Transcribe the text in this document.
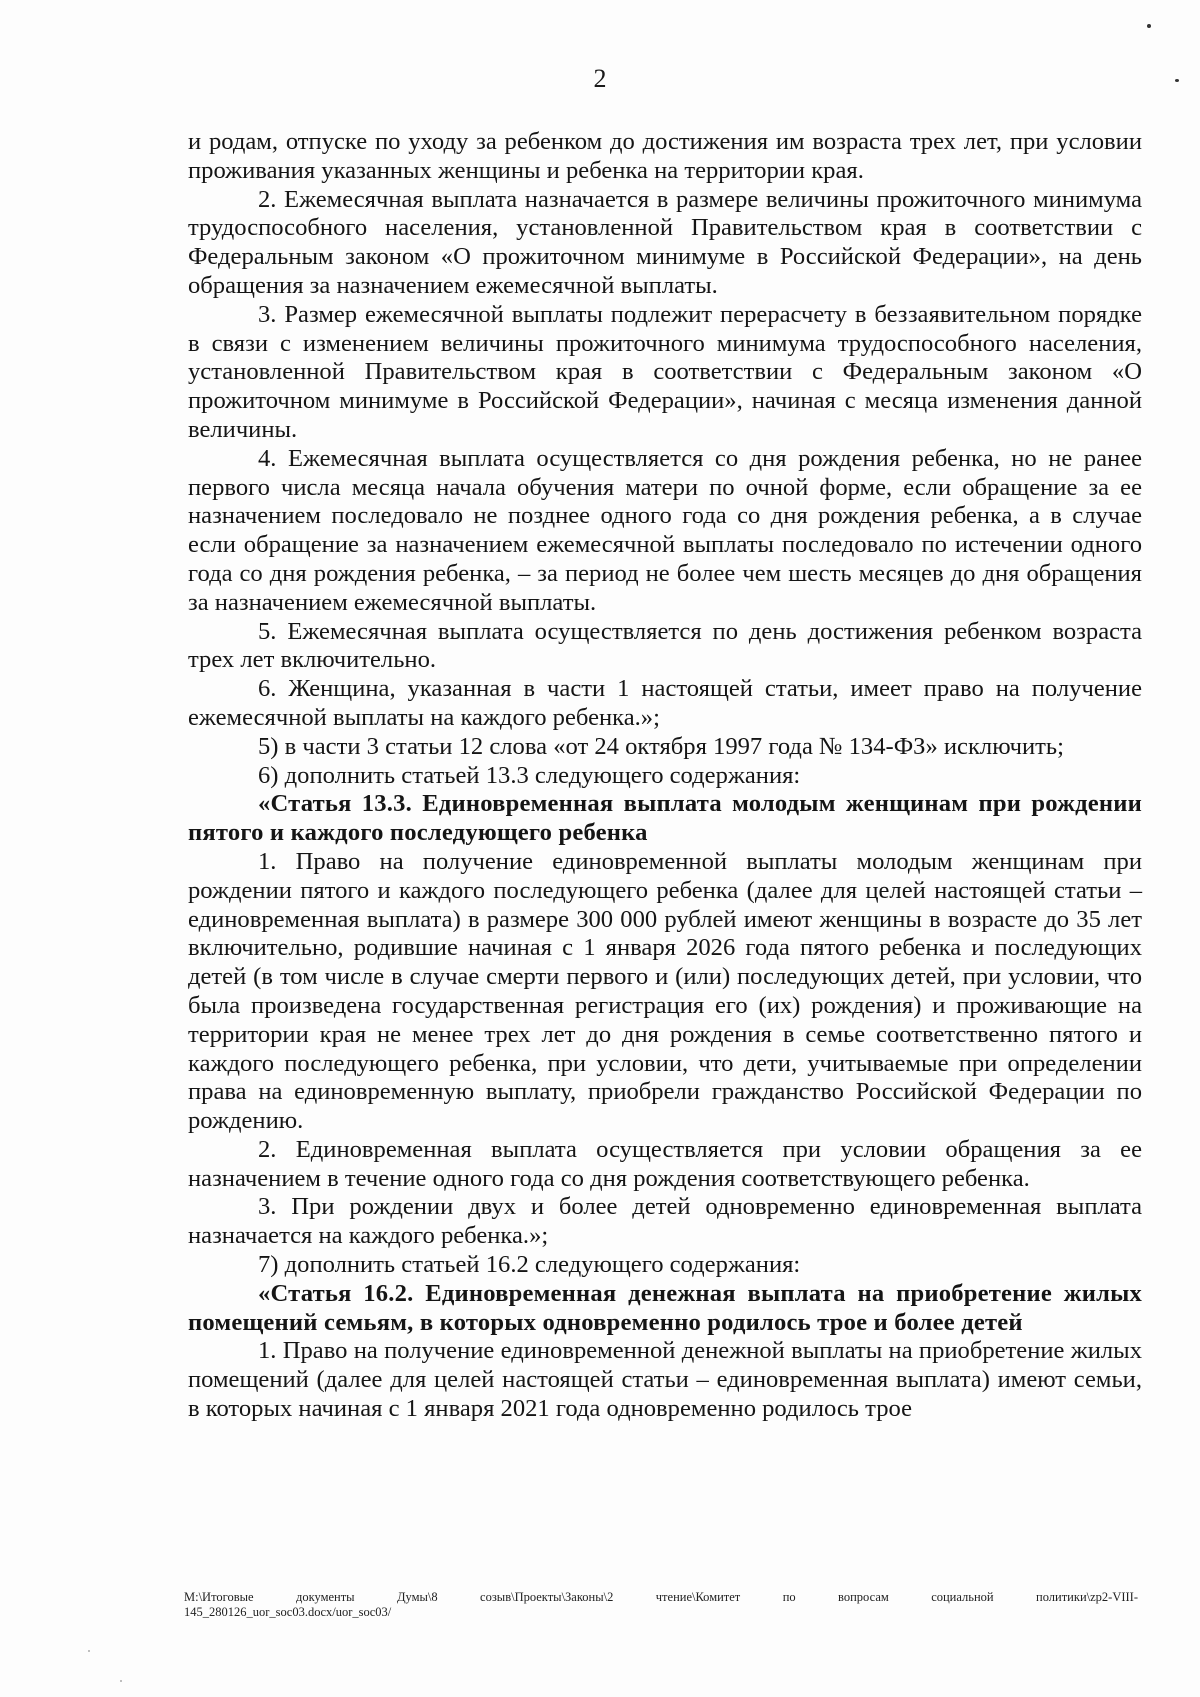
2

и родам, отпуске по уходу за ребенком до достижения им возраста трех лет, при условии проживания указанных женщины и ребенка на территории края.

2. Ежемесячная выплата назначается в размере величины прожиточного минимума трудоспособного населения, установленной Правительством края в соответствии с Федеральным законом «О прожиточном минимуме в Российской Федерации», на день обращения за назначением ежемесячной выплаты.

3. Размер ежемесячной выплаты подлежит перерасчету в беззаявительном порядке в связи с изменением величины прожиточного минимума трудоспособного населения, установленной Правительством края в соответствии с Федеральным законом «О прожиточном минимуме в Российской Федерации», начиная с месяца изменения данной величины.

4. Ежемесячная выплата осуществляется со дня рождения ребенка, но не ранее первого числа месяца начала обучения матери по очной форме, если обращение за ее назначением последовало не позднее одного года со дня рождения ребенка, а в случае если обращение за назначением ежемесячной выплаты последовало по истечении одного года со дня рождения ребенка, – за период не более чем шесть месяцев до дня обращения за назначением ежемесячной выплаты.

5. Ежемесячная выплата осуществляется по день достижения ребенком возраста трех лет включительно.

6. Женщина, указанная в части 1 настоящей статьи, имеет право на получение ежемесячной выплаты на каждого ребенка.»;

5) в части 3 статьи 12 слова «от 24 октября 1997 года № 134-ФЗ» исключить;

6) дополнить статьей 13.3 следующего содержания:

«Статья 13.3. Единовременная выплата молодым женщинам при рождении пятого и каждого последующего ребенка

1. Право на получение единовременной выплаты молодым женщинам при рождении пятого и каждого последующего ребенка (далее для целей настоящей статьи – единовременная выплата) в размере 300 000 рублей имеют женщины в возрасте до 35 лет включительно, родившие начиная с 1 января 2026 года пятого ребенка и последующих детей (в том числе в случае смерти первого и (или) последующих детей, при условии, что была произведена государственная регистрация его (их) рождения) и проживающие на территории края не менее трех лет до дня рождения в семье соответственно пятого и каждого последующего ребенка, при условии, что дети, учитываемые при определении права на единовременную выплату, приобрели гражданство Российской Федерации по рождению.

2. Единовременная выплата осуществляется при условии обращения за ее назначением в течение одного года со дня рождения соответствующего ребенка.

3. При рождении двух и более детей одновременно единовременная выплата назначается на каждого ребенка.»;

7) дополнить статьей 16.2 следующего содержания:

«Статья 16.2. Единовременная денежная выплата на приобретение жилых помещений семьям, в которых одновременно родилось трое и более детей

1. Право на получение единовременной денежной выплаты на приобретение жилых помещений (далее для целей настоящей статьи – единовременная выплата) имеют семьи, в которых начиная с 1 января 2021 года одновременно родилось трое

M:\Итоговые документы Думы\8 созыв\Проекты\Законы\2 чтение\Комитет по вопросам социальной политики\zp2-VIII-
145_280126_uor_soc03.docx/uor_soc03/
